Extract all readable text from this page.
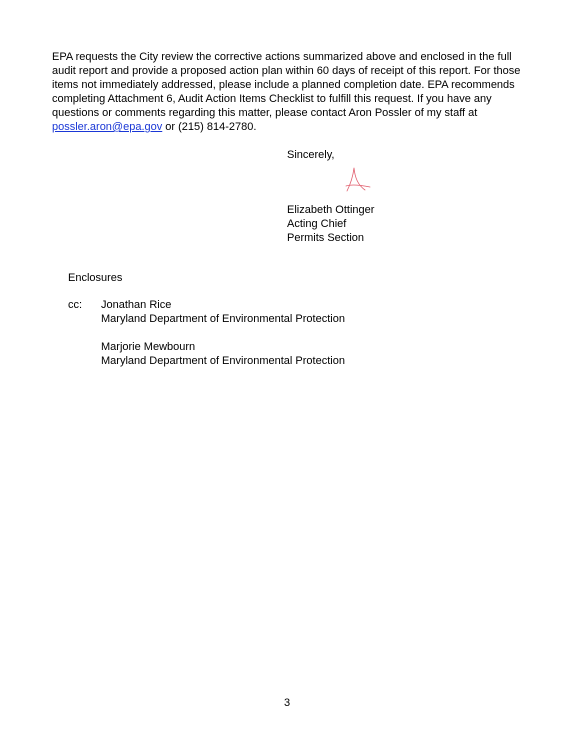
EPA requests the City review the corrective actions summarized above and enclosed in the full audit report and provide a proposed action plan within 60 days of receipt of this report. For those items not immediately addressed, please include a planned completion date. EPA recommends completing Attachment 6, Audit Action Items Checklist to fulfill this request. If you have any questions or comments regarding this matter, please contact Aron Possler of my staff at possler.aron@epa.gov or (215) 814-2780.

Sincerely,
Elizabeth Ottinger
Acting Chief
Permits Section
Enclosures
cc: Jonathan Rice
Maryland Department of Environmental Protection
Marjorie Mewbourn
Maryland Department of Environmental Protection
3
